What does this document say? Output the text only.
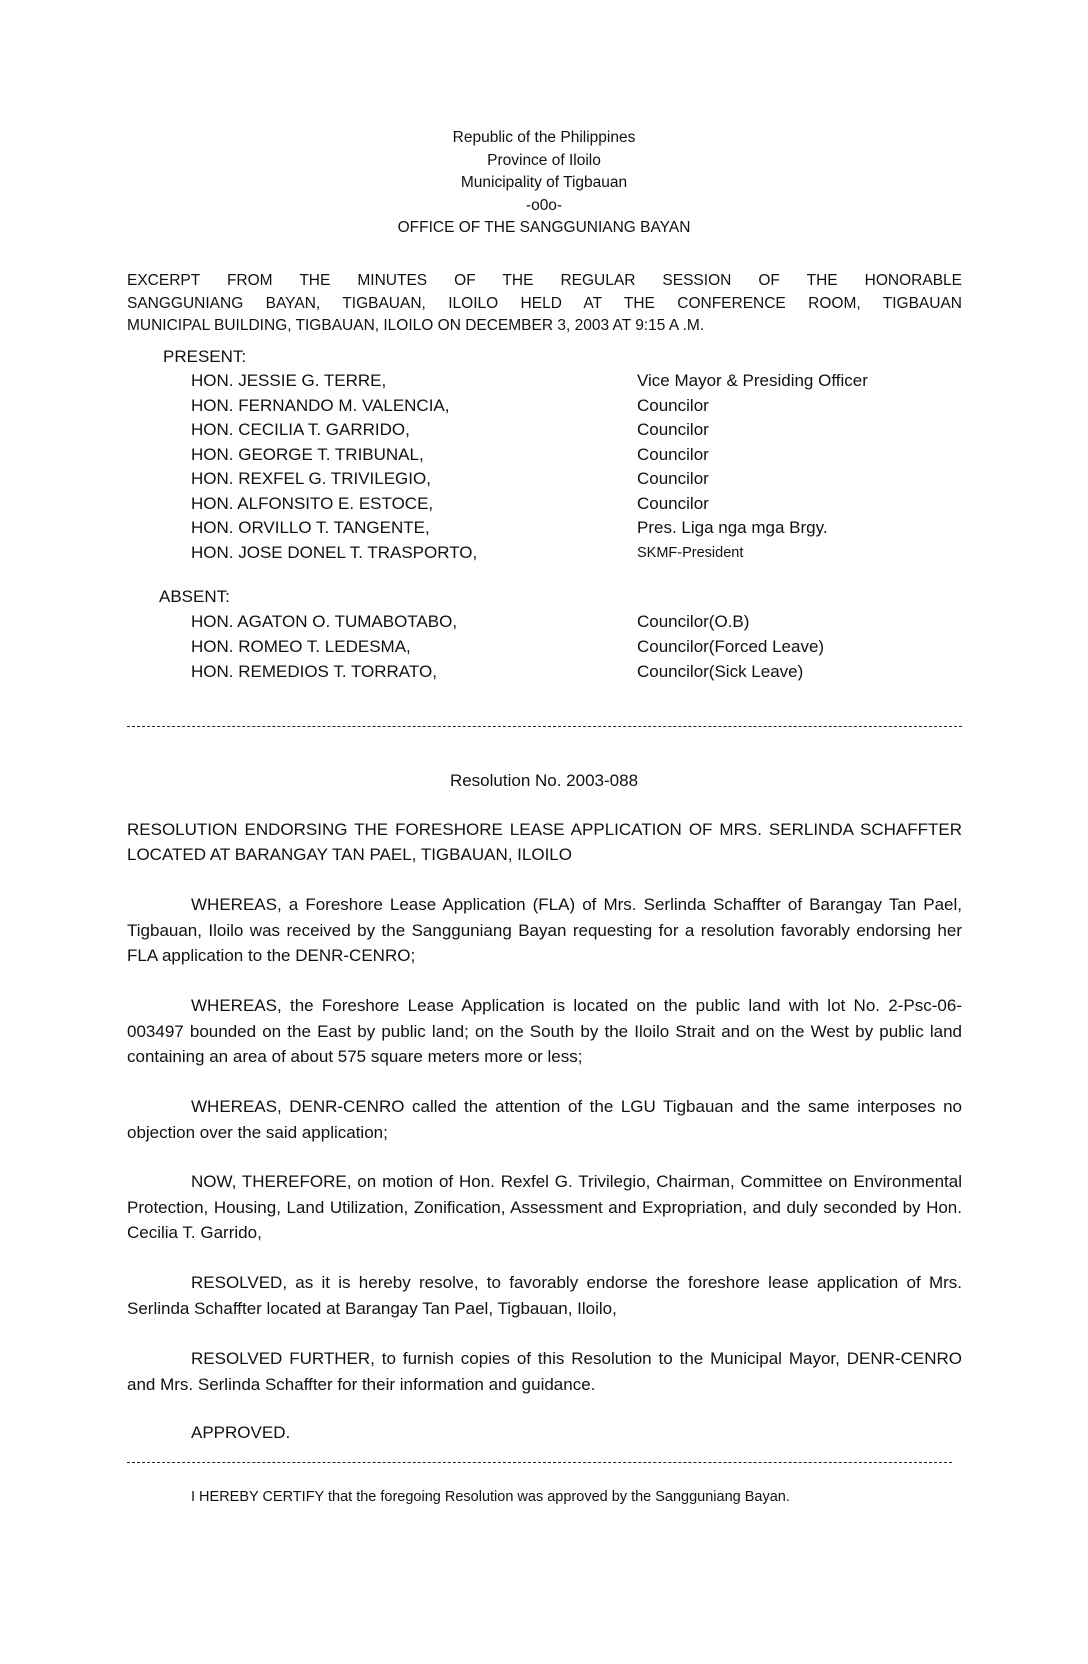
Republic of the Philippines
Province of Iloilo
Municipality of Tigbauan
-o0o-
OFFICE OF THE SANGGUNIANG BAYAN
EXCERPT FROM THE MINUTES OF THE REGULAR SESSION OF THE HONORABLE
SANGGUNIANG BAYAN, TIGBAUAN, ILOILO HELD AT THE CONFERENCE ROOM, TIGBAUAN
MUNICIPAL BUILDING, TIGBAUAN, ILOILO ON DECEMBER 3, 2003 AT 9:15 A .M.
PRESENT:
HON. JESSIE G. TERRE,	Vice Mayor & Presiding Officer
HON. FERNANDO M. VALENCIA,	Councilor
HON. CECILIA T. GARRIDO,	Councilor
HON. GEORGE T. TRIBUNAL,	Councilor
HON. REXFEL G. TRIVILEGIO,	Councilor
HON. ALFONSITO E. ESTOCE,	Councilor
HON. ORVILLO T. TANGENTE,	Pres. Liga nga mga Brgy.
HON. JOSE DONEL T. TRASPORTO,	SKMF-President
ABSENT:
HON. AGATON O. TUMABOTABO,	Councilor(O.B)
HON. ROMEO T. LEDESMA,	Councilor(Forced Leave)
HON. REMEDIOS T. TORRATO,	Councilor(Sick Leave)
Resolution No. 2003-088
RESOLUTION ENDORSING THE FORESHORE LEASE APPLICATION OF MRS. SERLINDA SCHAFFTER LOCATED AT BARANGAY TAN PAEL, TIGBAUAN, ILOILO
WHEREAS, a Foreshore Lease Application (FLA) of Mrs. Serlinda Schaffter of Barangay Tan Pael, Tigbauan, Iloilo was received by the Sangguniang Bayan requesting for a resolution favorably endorsing her FLA application to the DENR-CENRO;
WHEREAS, the Foreshore Lease Application is located on the public land with lot No. 2-Psc-06-003497 bounded on the East by public land; on the South by the Iloilo Strait and on the West by public land containing an area of about 575 square meters more or less;
WHEREAS, DENR-CENRO called the attention of the LGU Tigbauan and the same interposes no objection over the said application;
NOW, THEREFORE, on motion of Hon. Rexfel G. Trivilegio, Chairman, Committee on Environmental Protection, Housing, Land Utilization, Zonification, Assessment and Expropriation, and duly seconded by Hon. Cecilia T. Garrido,
RESOLVED, as it is hereby resolve, to favorably endorse the foreshore lease application of Mrs. Serlinda Schaffter located at Barangay Tan Pael, Tigbauan, Iloilo,
RESOLVED FURTHER, to furnish copies of this Resolution to the Municipal Mayor, DENR-CENRO and Mrs. Serlinda Schaffter for their information and guidance.
APPROVED.
I HEREBY CERTIFY that the foregoing Resolution was approved by the Sangguniang Bayan.
